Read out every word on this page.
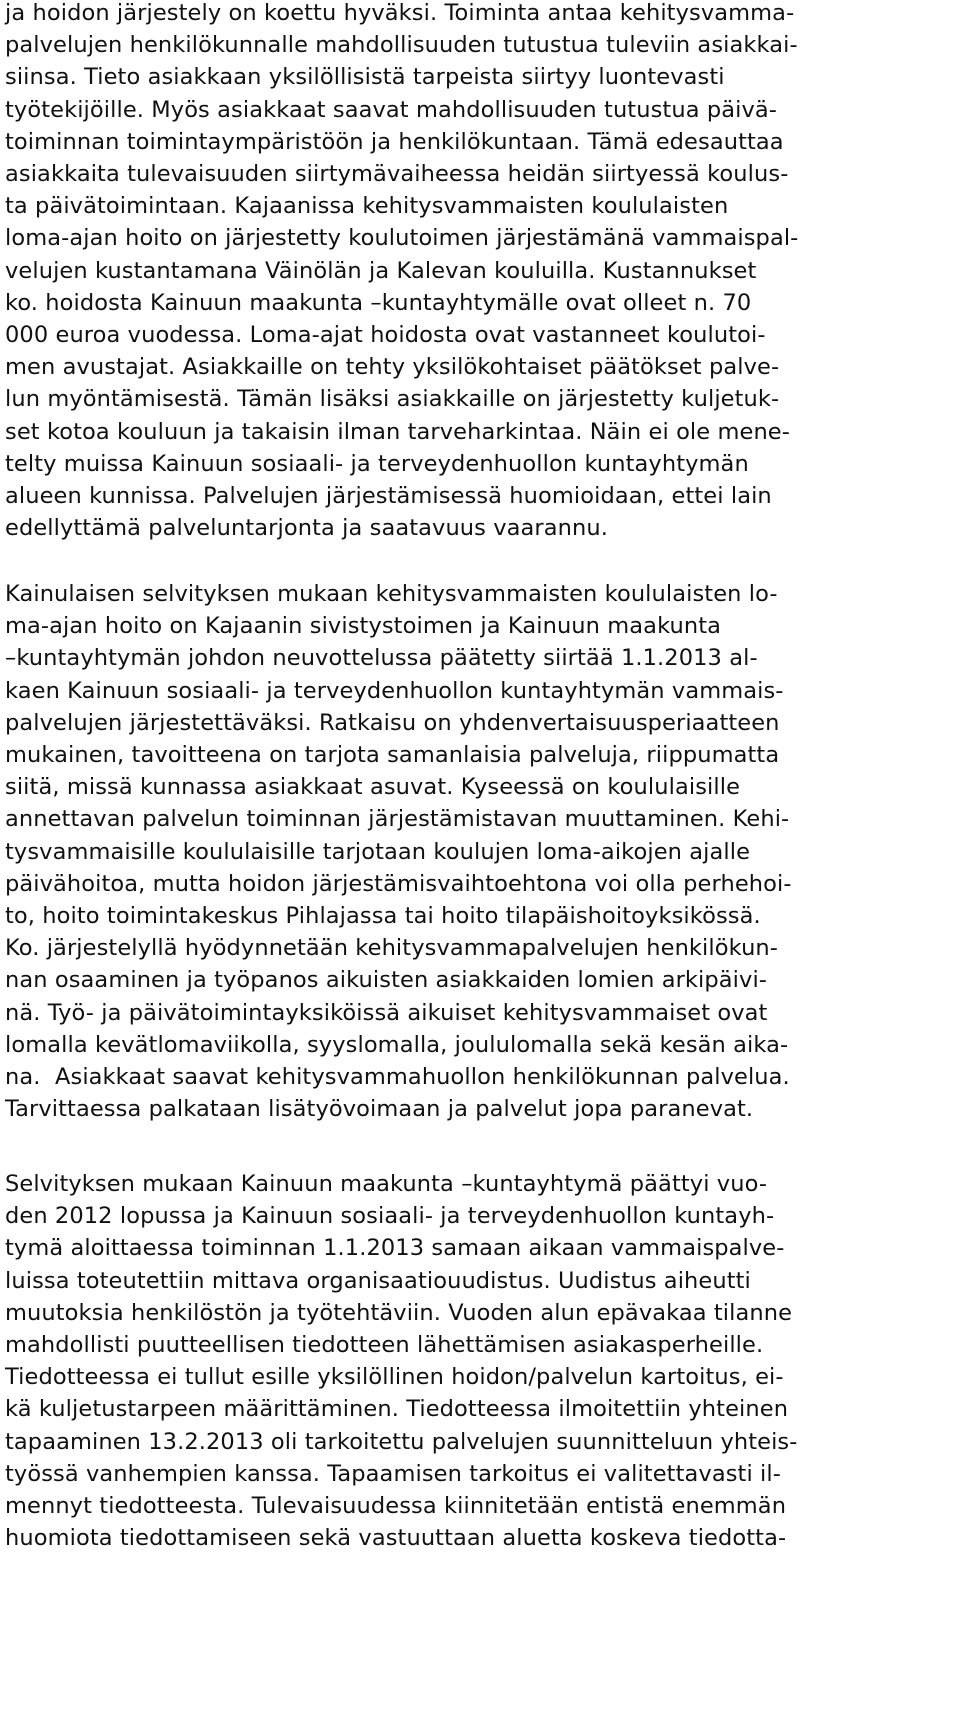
ja hoidon järjestely on koettu hyväksi. Toiminta antaa kehitysvamma-
palvelujen henkilökunnalle mahdollisuuden tutustua tuleviin asiakkai-
siinsa. Tieto asiakkaan yksilöllisistä tarpeista siirtyy luontevasti
työtekijöille. Myös asiakkaat saavat mahdollisuuden tutustua päivä-
toiminnan toimintaympäristöön ja henkilökuntaan. Tämä edesauttaa
asiakkaita tulevaisuuden siirtymävaiheessa heidän siirtyessä koulus-
ta päivätoimintaan. Kajaanissa kehitysvammaisten koululaisten
loma-ajan hoito on järjestetty koulutoimen järjestämänä vammaispal-
velujen kustantamana Väinölän ja Kalevan kouluilla. Kustannukset
ko. hoidosta Kainuun maakunta –kuntayhtymälle ovat olleet n. 70
000 euroa vuodessa. Loma-ajat hoidosta ovat vastanneet koulutoi-
men avustajat. Asiakkaille on tehty yksilökohtaiset päätökset palve-
lun myöntämisestä. Tämän lisäksi asiakkaille on järjestetty kuljetuk-
set kotoa kouluun ja takaisin ilman tarveharkintaa. Näin ei ole mene-
telty muissa Kainuun sosiaali- ja terveydenhuollon kuntayhtymän
alueen kunnissa. Palvelujen järjestämisessä huomioidaan, ettei lain
edellyttämä palveluntarjonta ja saatavuus vaarannu.
Kainulaisen selvityksen mukaan kehitysvammaisten koululaisten lo-
ma-ajan hoito on Kajaanin sivistystoimen ja Kainuun maakunta
–kuntayhtymän johdon neuvottelussa päätetty siirtää 1.1.2013 al-
kaen Kainuun sosiaali- ja terveydenhuollon kuntayhtymän vammais-
palvelujen järjestettäväksi. Ratkaisu on yhdenvertaisuusperiaatteen
mukainen, tavoitteena on tarjota samanlaisia palveluja, riippumatta
siitä, missä kunnassa asiakkaat asuvat. Kyseessä on koululaisille
annettavan palvelun toiminnan järjestämistavan muuttaminen. Kehi-
tysvammaisille koululaisille tarjotaan koulujen loma-aikojen ajalle
päivähoitoa, mutta hoidon järjestämisvaihtoehtona voi olla perhehoi-
to, hoito toimintakeskus Pihlajassa tai hoito tilapäishoitoyksikössä.
Ko. järjestelyllä hyödynnetään kehitysvammapalvelujen henkilökun-
nan osaaminen ja työpanos aikuisten asiakkaiden lomien arkipäivi-
nä. Työ- ja päivätoimintayksiköissä aikuiset kehitysvammaiset ovat
lomalla kevätlomaviikolla, syyslomalla, joululomalla sekä kesän aika-
na.  Asiakkaat saavat kehitysvammahuollon henkilökunnan palvelua.
Tarvittaessa palkataan lisätyövoimaan ja palvelut jopa paranevat.
Selvityksen mukaan Kainuun maakunta –kuntayhtymä päättyi vuo-
den 2012 lopussa ja Kainuun sosiaali- ja terveydenhuollon kuntayh-
tymä aloittaessa toiminnan 1.1.2013 samaan aikaan vammaispalve-
luissa toteutettiin mittava organisaatiouudistus. Uudistus aiheutti
muutoksia henkilöstön ja työtehtäviin. Vuoden alun epävakaa tilanne
mahdollisti puutteellisen tiedotteen lähettämisen asiakasperheille.
Tiedotteessa ei tullut esille yksilöllinen hoidon/palvelun kartoitus, ei-
kä kuljetustarpeen määrittäminen. Tiedotteessa ilmoitettiin yhteinen
tapaaminen 13.2.2013 oli tarkoitettu palvelujen suunnitteluun yhteis-
työssä vanhempien kanssa. Tapaamisen tarkoitus ei valitettavasti il-
mennyt tiedotteesta. Tulevaisuudessa kiinnitetään entistä enemmän
huomiota tiedottamiseen sekä vastuuttaan aluetta koskeva tiedotta-
